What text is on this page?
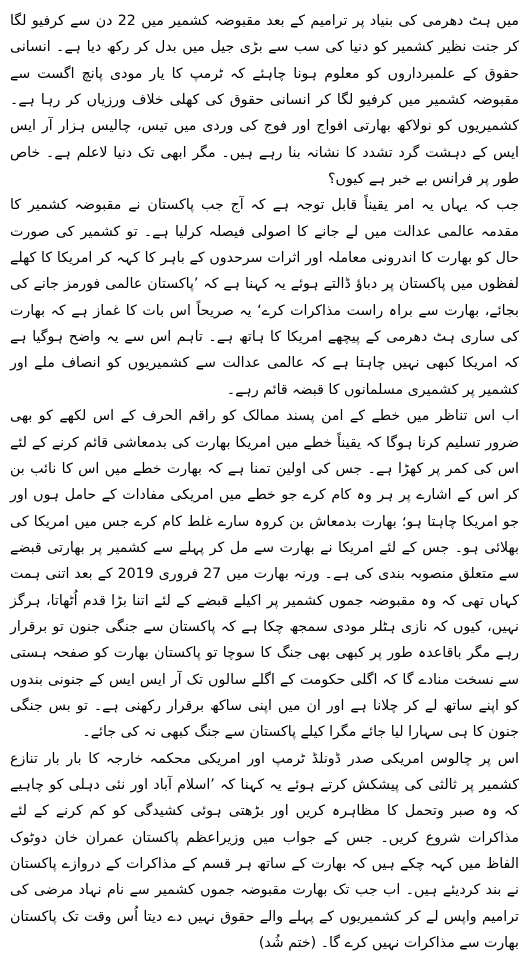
میں ہٹ دھرمی کی بنیاد پر ترامیم کے بعد مقبوضہ کشمیر میں 22 دن سے کرفیو لگا کر جنت نظیر کشمیر کو دنیا کی سب سے بڑی جیل میں بدل کر رکھ دیا ہے۔ انسانی حقوق کے علمبرداروں کو معلوم ہونا چاہئے کہ ٹرمپ کا یار مودی پانچ اگست سے مقبوضہ کشمیر میں کرفیو لگا کر انسانی حقوق کی کھلی خلاف ورزیاں کر رہا ہے۔ کشمیریوں کو نولاکھ بھارتی افواج اور فوج کی وردی میں تیس، چالیس ہزار آر ایس ایس کے دہشت گرد تشدد کا نشانہ بنا رہے ہیں۔ مگر ابھی تک دنیا لاعلم ہے۔ خاص طور پر فرانس بے خبر ہے کیوں؟

جب کہ یہاں یہ امر یقیناً قابل توجہ ہے کہ آج جب پاکستان نے مقبوضہ کشمیر کا مقدمہ عالمی عدالت میں لے جانے کا اصولی فیصلہ کرلیا ہے۔ تو کشمیر کی صورت حال کو بھارت کا اندرونی معاملہ اور اثرات سرحدوں کے باہر کا کہہ کر امریکا کا کھلے لفظوں میں پاکستان پر دباؤ ڈالتے ہوئے یہ کہنا ہے کہ ’پاکستان عالمی فورمز جانے کی بجائے، بھارت سے براہ راست مذاکرات کرے‘ یہ صریحاً اس بات کا غماز ہے کہ بھارت کی ساری ہٹ دھرمی کے پیچھے امریکا کا ہاتھ ہے۔ تاہم اس سے یہ واضح ہوگیا ہے کہ امریکا کبھی نہیں چاہتا ہے کہ عالمی عدالت سے کشمیریوں کو انصاف ملے اور کشمیر پر کشمیری مسلمانوں کا قبضہ قائم رہے۔

اب اس تناظر میں خطے کے امن پسند ممالک کو راقم الحرف کے اس لکھے کو بھی ضرور تسلیم کرنا ہوگا کہ یقیناً خطے میں امریکا بھارت کی بدمعاشی قائم کرنے کے لئے اس کی کمر پر کھڑا ہے۔ جس کی اولین تمنا ہے کہ بھارت خطے میں اس کا نائب بن کر اس کے اشارے پر ہر وہ کام کرے جو خطے میں امریکی مفادات کے حامل ہوں اور جو امریکا چاہتا ہو؛ بھارت بدمعاش بن کروہ سارے غلط کام کرے جس میں امریکا کی بھلائی ہو۔ جس کے لئے امریکا نے بھارت سے مل کر پہلے سے کشمیر پر بھارتی قبضے سے متعلق منصوبہ بندی کی ہے۔ ورنہ بھارت میں 27 فروری 2019 کے بعد اتنی ہمت کہاں تھی کہ وہ مقبوضہ جموں کشمیر پر اکیلے قبضے کے لئے اتنا بڑا قدم اُٹھاتا، ہرگز نہیں، کیوں کہ نازی ہٹلر مودی سمجھ چکا ہے کہ پاکستان سے جنگی جنون تو برقرار رہے مگر باقاعدہ طور پر کبھی بھی جنگ کا سوچا تو پاکستان بھارت کو صفحہ ہستی سے نسخت منادے گا کہ اگلی حکومت کے اگلے سالوں تک آر ایس ایس کے جنونی بندوں کو اپنے ساتھ لے کر چلانا ہے اور ان میں اپنی ساکھ برقرار رکھنی ہے۔ تو بس جنگی جنون کا ہی سہارا لیا جائے مگرا کیلے پاکستان سے جنگ کبھی نہ کی جائے۔

اس پر چالوس امریکی صدر ڈونلڈ ٹرمپ اور امریکی محکمہ خارجہ کا بار بار تنازع کشمیر پر ثالثی کی پیشکش کرتے ہوئے یہ کہنا کہ ’اسلام آباد اور نئی دہلی کو چاہیے کہ وہ صبر وتحمل کا مظاہرہ کریں اور بڑھتی ہوئی کشیدگی کو کم کرنے کے لئے مذاکرات شروع کریں۔ جس کے جواب میں وزیراعظم پاکستان عمران خان دوٹوک الفاظ میں کہہ چکے ہیں کہ بھارت کے ساتھ ہر قسم کے مذاکرات کے دروازے پاکستان نے بند کردیئے ہیں۔ اب جب تک بھارت مقبوضہ جموں کشمیر سے نام نہاد مرضی کی ترامیم واپس لے کر کشمیریوں کے پہلے والے حقوق نہیں دے دیتا اُس وقت تک پاکستان بھارت سے مذاکرات نہیں کرے گا۔ (ختم شُد)
